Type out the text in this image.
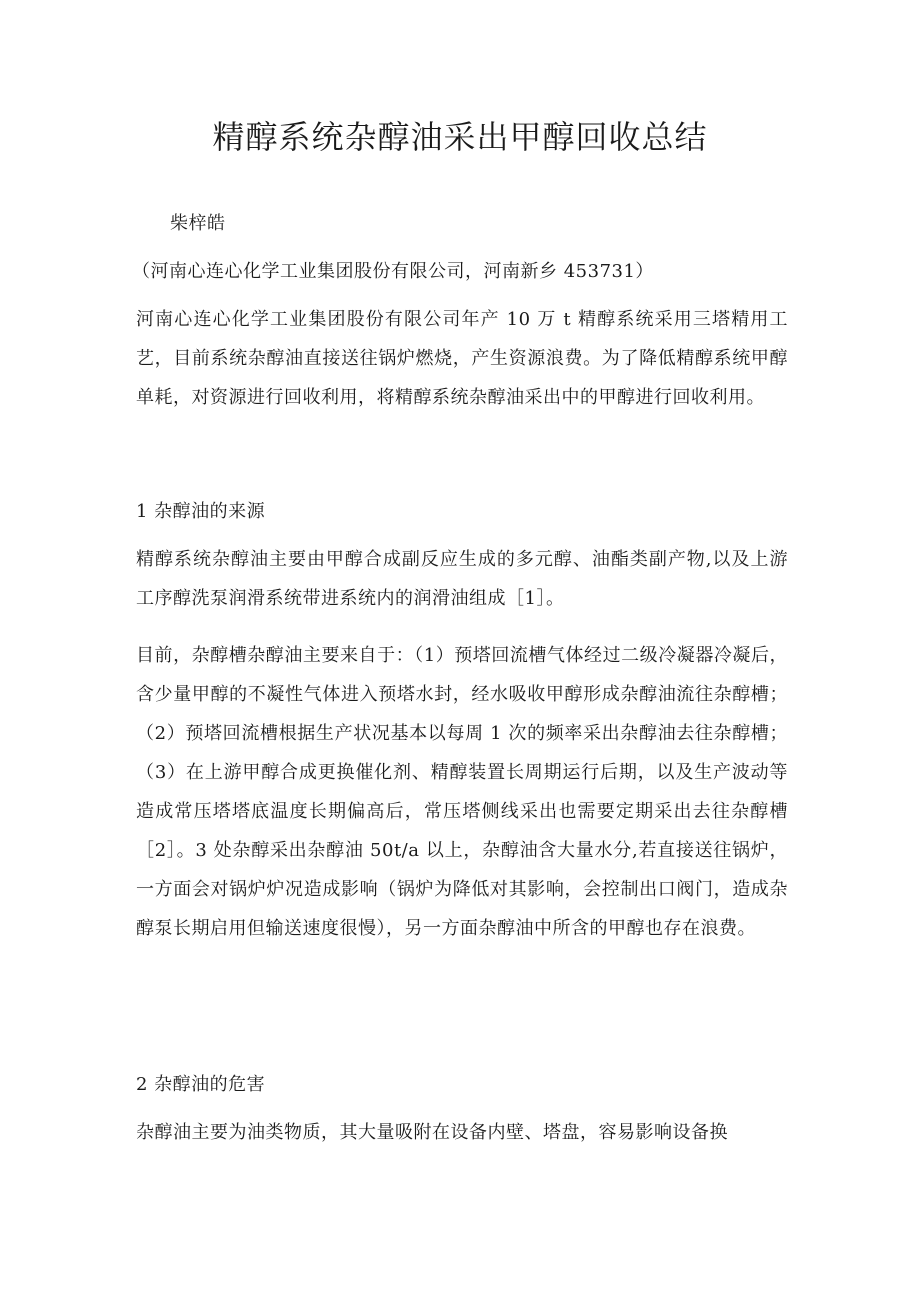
精醇系统杂醇油采出甲醇回收总结

柴梓皓

（河南心连心化学工业集团股份有限公司，河南新乡 453731）

河南心连心化学工业集团股份有限公司年产 10 万 t 精醇系统采用三塔精用工艺，目前系统杂醇油直接送往锅炉燃烧，产生资源浪费。为了降低精醇系统甲醇单耗，对资源进行回收利用，将精醇系统杂醇油采出中的甲醇进行回收利用。

1 杂醇油的来源

精醇系统杂醇油主要由甲醇合成副反应生成的多元醇、油酯类副产物,以及上游工序醇洗泵润滑系统带进系统内的润滑油组成［1］。

目前，杂醇槽杂醇油主要来自于：（1）预塔回流槽气体经过二级冷凝器冷凝后，含少量甲醇的不凝性气体进入预塔水封，经水吸收甲醇形成杂醇油流往杂醇槽；（2）预塔回流槽根据生产状况基本以每周 1 次的频率采出杂醇油去往杂醇槽；（3）在上游甲醇合成更换催化剂、精醇装置长周期运行后期，以及生产波动等造成常压塔塔底温度长期偏高后，常压塔侧线采出也需要定期采出去往杂醇槽［2］。3 处杂醇采出杂醇油 50t/a 以上，杂醇油含大量水分,若直接送往锅炉，一方面会对锅炉炉况造成影响（锅炉为降低对其影响，会控制出口阀门，造成杂醇泵长期启用但输送速度很慢），另一方面杂醇油中所含的甲醇也存在浪费。

2 杂醇油的危害

杂醇油主要为油类物质，其大量吸附在设备内壁、塔盘，容易影响设备换
